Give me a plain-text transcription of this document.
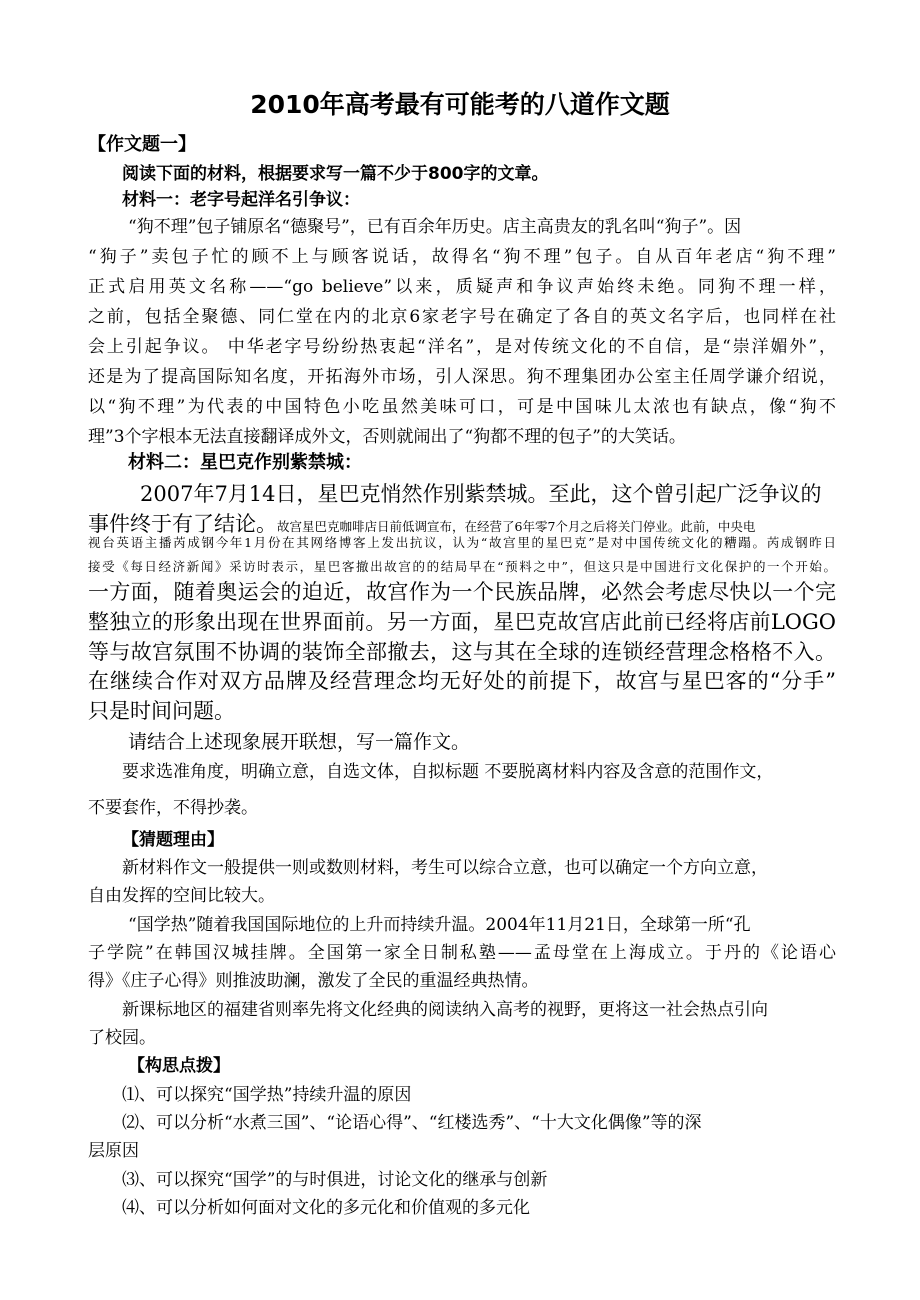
2010年高考最有可能考的八道作文题
【作文题一】
阅读下面的材料，根据要求写一篇不少于800字的文章。
材料一：老字号起洋名引争议：
“狗不理”包子铺原名“德聚号”，已有百余年历史。店主高贵友的乳名叫“狗子”。因
“狗子”卖包子忙的顾不上与顾客说话，故得名“狗不理”包子。自从百年老店“狗不理”
正式启用英文名称——“go believe”以来，质疑声和争议声始终未绝。同狗不理一样，
之前，包括全聚德、同仁堂在内的北京6家老字号在确定了各自的英文名字后，也同样在社
会上引起争议。 中华老字号纷纷热衷起“洋名”，是对传统文化的不自信，是“崇洋媚外”，
还是为了提高国际知名度，开拓海外市场，引人深思。狗不理集团办公室主任周学谦介绍说，
以“狗不理”为代表的中国特色小吃虽然美味可口，可是中国味儿太浓也有缺点，像“狗不
理”3个字根本无法直接翻译成外文，否则就闹出了“狗都不理的包子”的大笑话。
材料二：星巴克作别紫禁城：
2007年7月14日，星巴克悄然作别紫禁城。至此，这个曾引起广泛争议的
事件终于有了结论。故宫星巴克咖啡店日前低调宣布，在经营了6年零7个月之后将关门停业。此前，中央电
视台英语主播芮成钢今年1月份在其网络博客上发出抗议，认为“故宫里的星巴克”是对中国传统文化的糟蹋。芮成钢昨日
接受《每日经济新闻》采访时表示，星巴客撤出故宫的的结局早在“预料之中”，但这只是中国进行文化保护的一个开始。
一方面，随着奥运会的迫近，故宫作为一个民族品牌，必然会考虑尽快以一个完
整独立的形象出现在世界面前。另一方面，星巴克故宫店此前已经将店前LOGO
等与故宫氛围不协调的装饰全部撤去，这与其在全球的连锁经营理念格格不入。
在继续合作对双方品牌及经营理念均无好处的前提下，故宫与星巴客的“分手”
只是时间问题。
请结合上述现象展开联想，写一篇作文。
要求选准角度，明确立意，自选文体，自拟标题 不要脱离材料内容及含意的范围作文，
不要套作，不得抄袭。
【猜题理由】
新材料作文一般提供一则或数则材料，考生可以综合立意，也可以确定一个方向立意，
自由发挥的空间比较大。
“国学热”随着我国国际地位的上升而持续升温。2004年11月21日，全球第一所“孔
子学院”在韩国汉城挂牌。全国第一家全日制私塾——孟母堂在上海成立。于丹的《论语心
得》《庄子心得》则推波助澜，激发了全民的重温经典热情。
新课标地区的福建省则率先将文化经典的阅读纳入高考的视野，更将这一社会热点引向
了校园。
【构思点拨】
⑴、可以探究“国学热”持续升温的原因
⑵、可以分析“水煮三国”、“论语心得”、“红楼选秀”、“十大文化偶像”等的深
层原因
⑶、可以探究“国学”的与时俱进，讨论文化的继承与创新
⑷、可以分析如何面对文化的多元化和价值观的多元化
